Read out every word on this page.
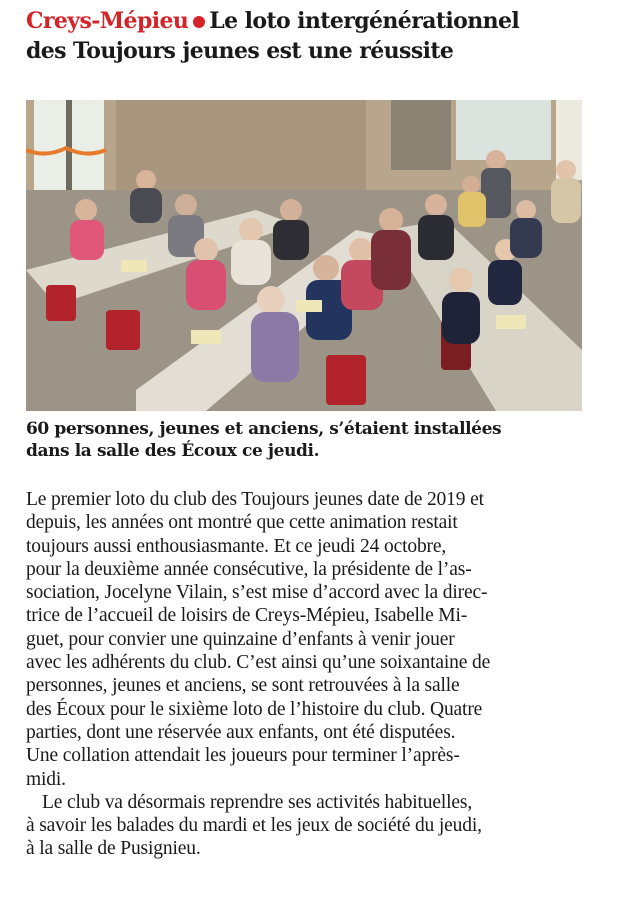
Creys-Mépieu Le loto intergénérationnel
des Toujours jeunes est une réussite
60 personnes, jeunes et anciens, s’étaient installées
dans la salle des Écoux ce jeudi.
Le premier loto du club des Toujours jeunes date de 2019 et
depuis, les années ont montré que cette animation restait
toujours aussi enthousiasmante. Et ce jeudi 24 octobre,
pour la deuxième année consécutive, la présidente de l’as-
sociation, Jocelyne Vilain, s’est mise d’accord avec la direc-
trice de l’accueil de loisirs de Creys-Mépieu, Isabelle Mi-
guet, pour convier une quinzaine d’enfants à venir jouer
avec les adhérents du club. C’est ainsi qu’une soixantaine de
personnes, jeunes et anciens, se sont retrouvées à la salle
des Écoux pour le sixième loto de l’histoire du club. Quatre
parties, dont une réservée aux enfants, ont été disputées.
Une collation attendait les joueurs pour terminer l’après-
midi.
Le club va désormais reprendre ses activités habituelles,
à savoir les balades du mardi et les jeux de société du jeudi,
à la salle de Pusignieu.
